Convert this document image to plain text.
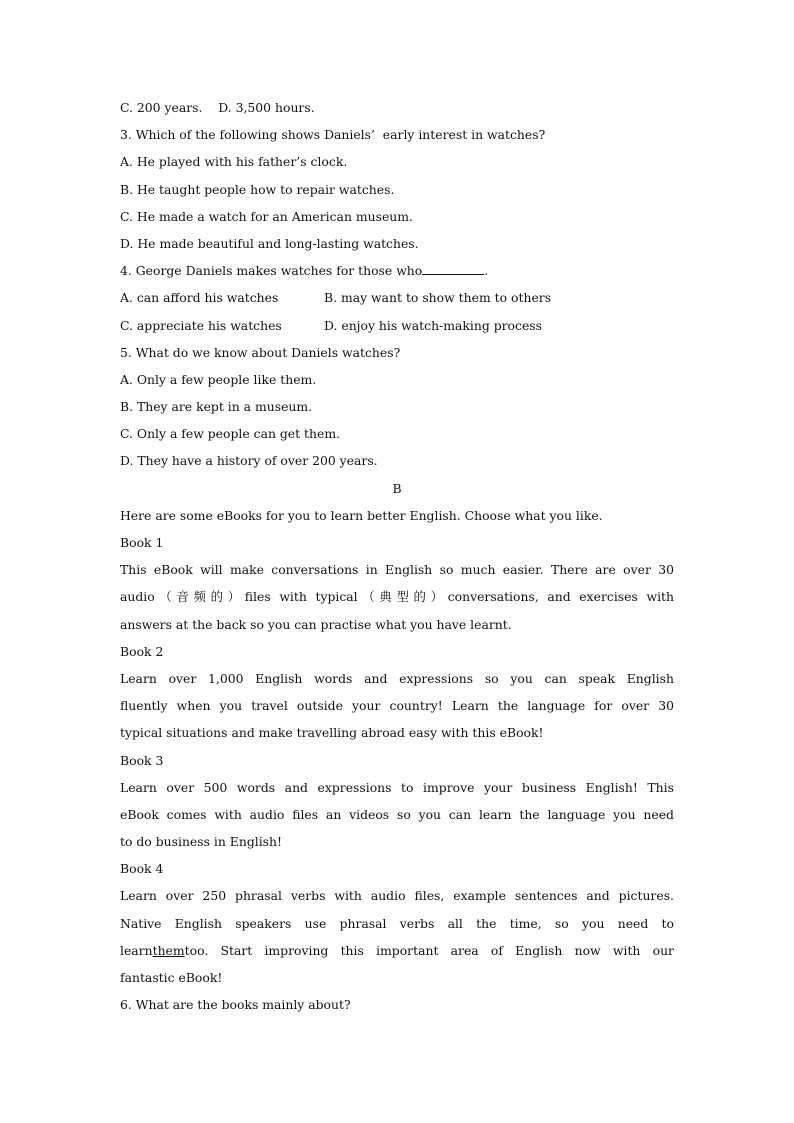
C. 200 years. D. 3,500 hours.
3. Which of the following shows Daniels’  early interest in watches?
A. He played with his father’s clock.
B. He taught people how to repair watches.
C. He made a watch for an American museum.
D. He made beautiful and long-lasting watches.
4. George Daniels makes watches for those who	.
A. can afford his watches	B. may want to show them to others
C. appreciate his watches	D. enjoy his watch-making process
5. What do we know about Daniels watches?
A. Only a few people like them.
B. They are kept in a museum.
C. Only a few people can get them.
D. They have a history of over 200 years.
B
Here are some eBooks for you to learn better English. Choose what you like.
Book 1
This eBook will make conversations in English so much easier. There are over 30
audio（音频的）files with typical（典型的）conversations, and exercises with
answers at the back so you can practise what you have learnt.
Book 2
Learn over 1,000 English words and expressions so you can speak English
fluently when you travel outside your country! Learn the language for over 30
typical situations and make travelling abroad easy with this eBook!
Book 3
Learn over 500 words and expressions to improve your business English! This
eBook comes with audio files an videos so you can learn the language you need
to do business in English!
Book 4
Learn over 250 phrasal verbs with audio files, example sentences and pictures.
Native English speakers use phrasal verbs all the time, so you need to
learnthemtoo. Start improving this important area of English now with our
fantastic eBook!
6. What are the books mainly about?
